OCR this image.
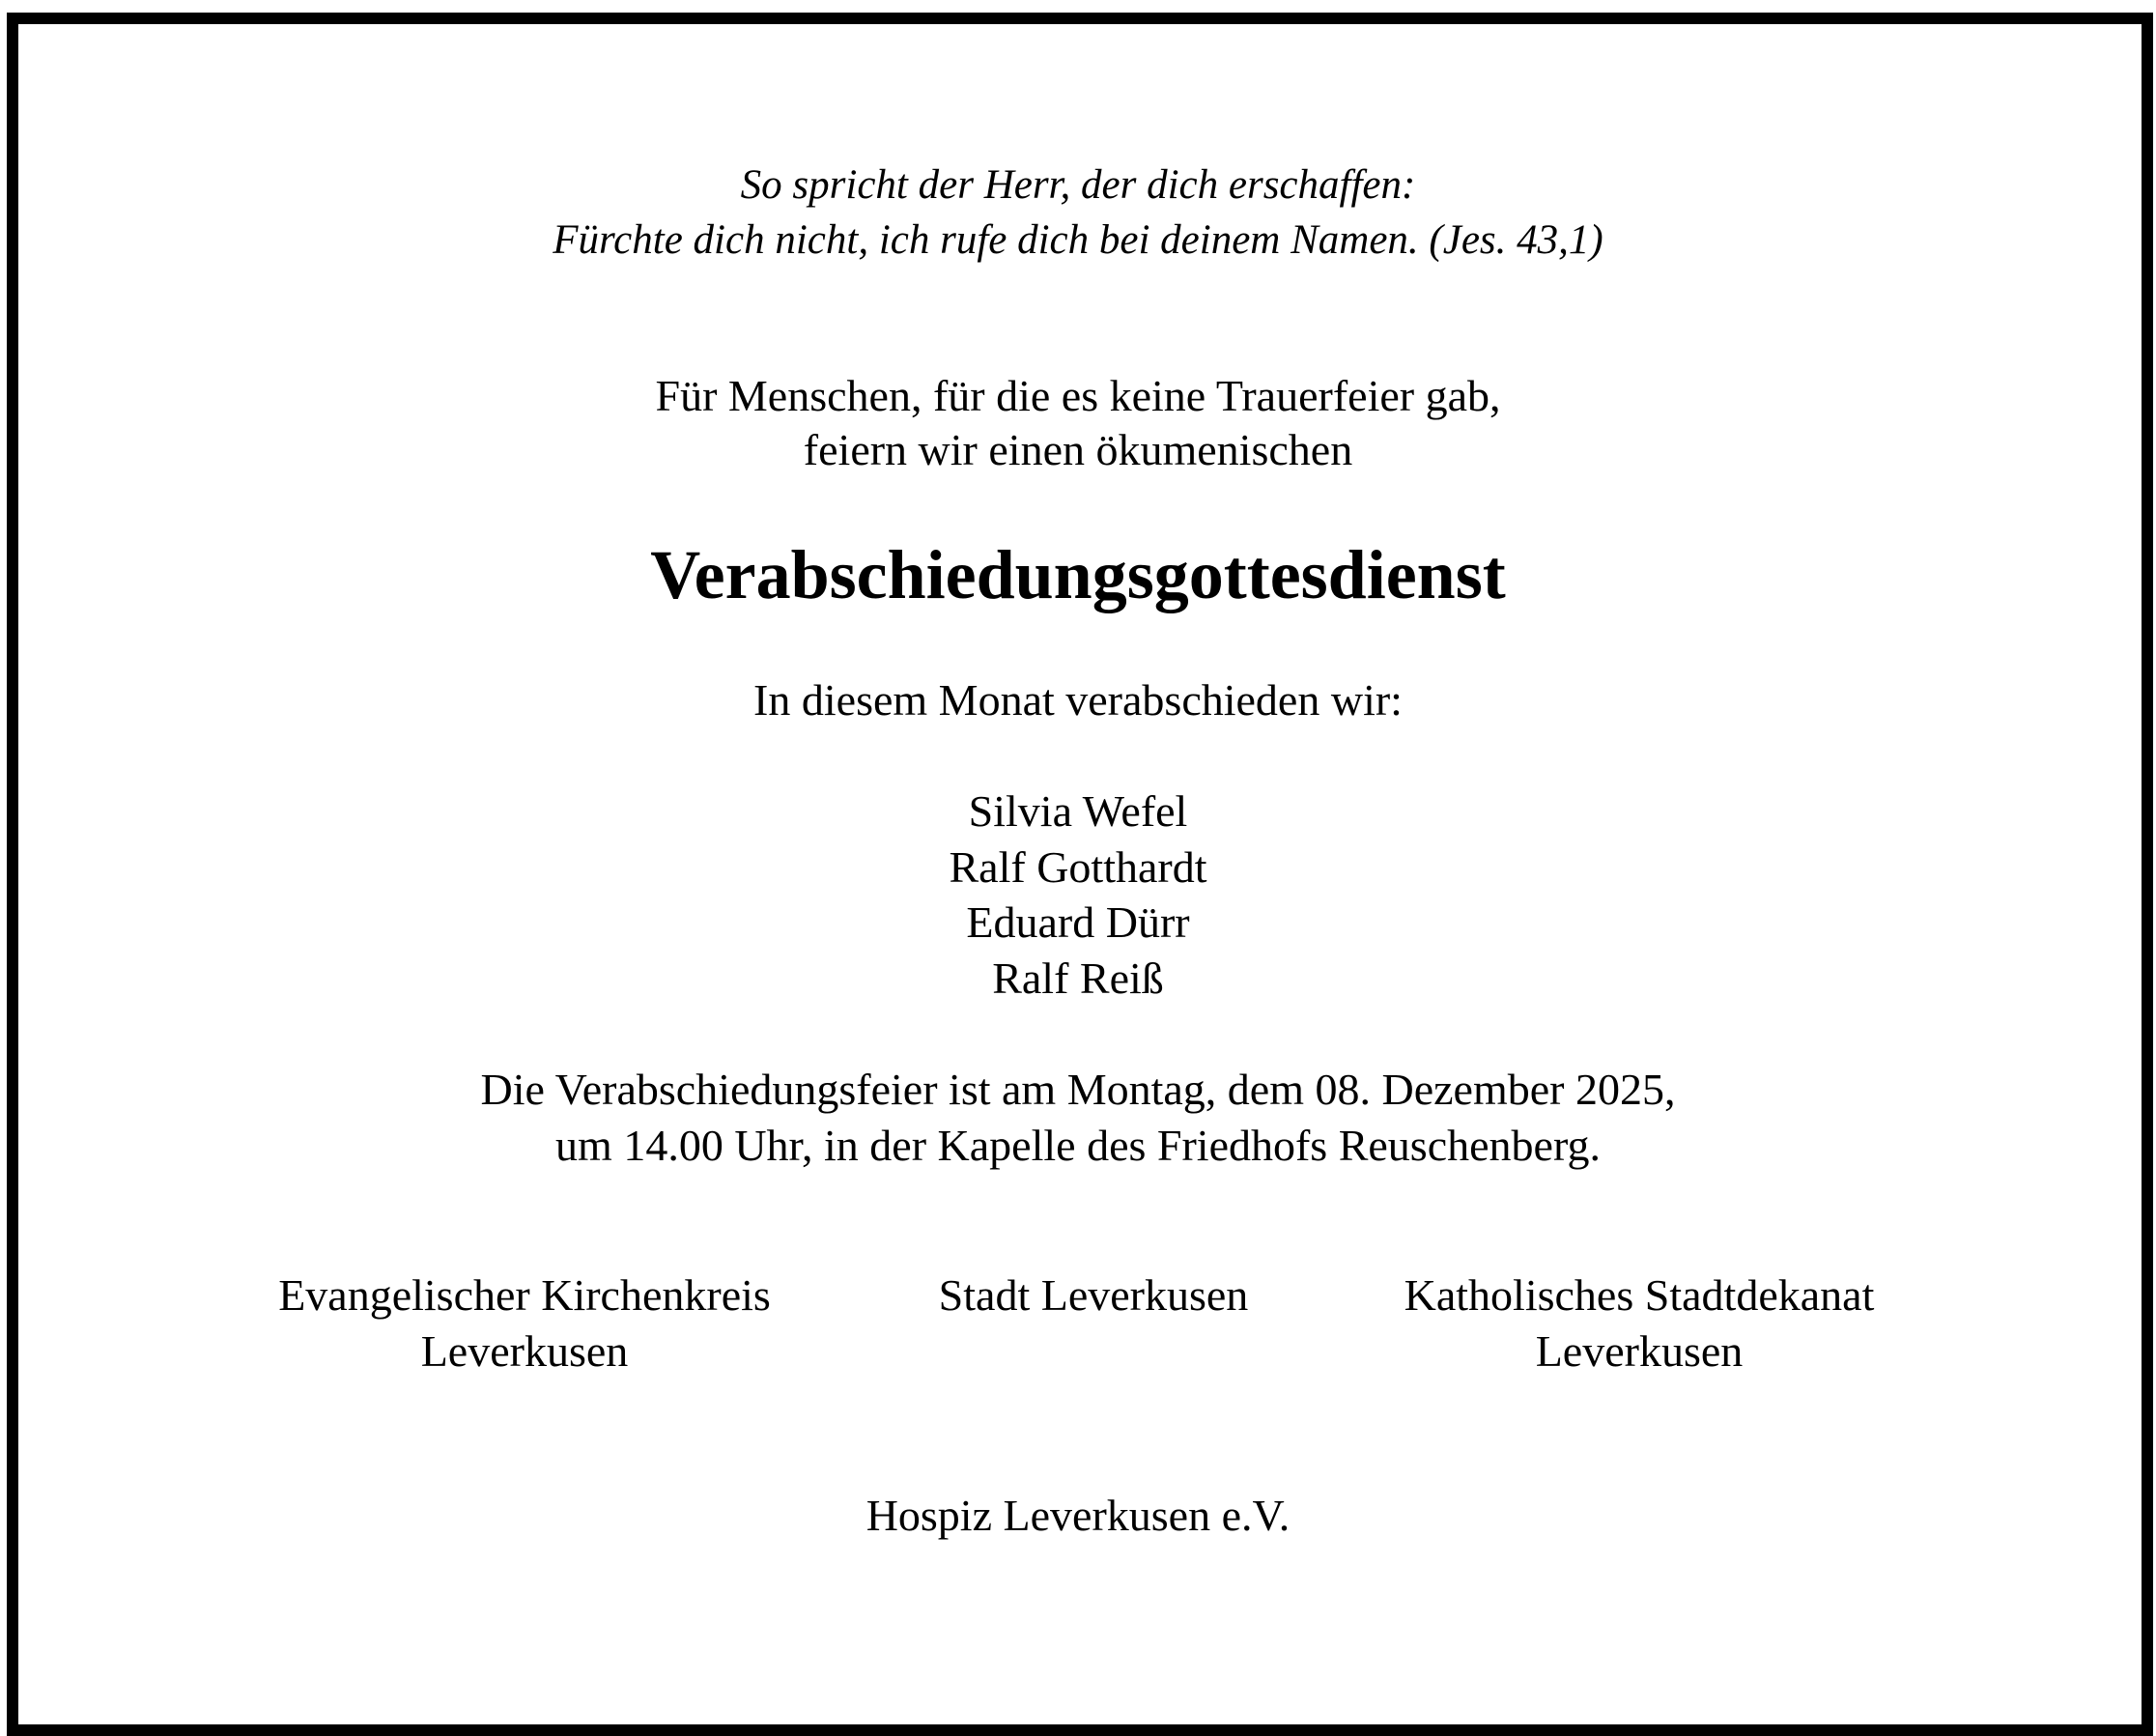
So spricht der Herr, der dich erschaffen:

Fürchte dich nicht, ich rufe dich bei deinem Namen. (Jes. 43,1)

Für Menschen, für die es keine Trauerfeier gab,

feiern wir einen ökumenischen

Verabschiedungsgottesdienst

In diesem Monat verabschieden wir:

Silvia Wefel

Ralf Gotthardt

Eduard Dürr

Ralf Reiß

Die Verabschiedungsfeier ist am Montag, dem 08. Dezember 2025,

um 14.00 Uhr, in der Kapelle des Friedhofs Reuschenberg.

Evangelischer Kirchenkreis
Leverkusen
Stadt Leverkusen	Katholisches Stadtdekanat
Leverkusen

Hospiz Leverkusen e.V.
